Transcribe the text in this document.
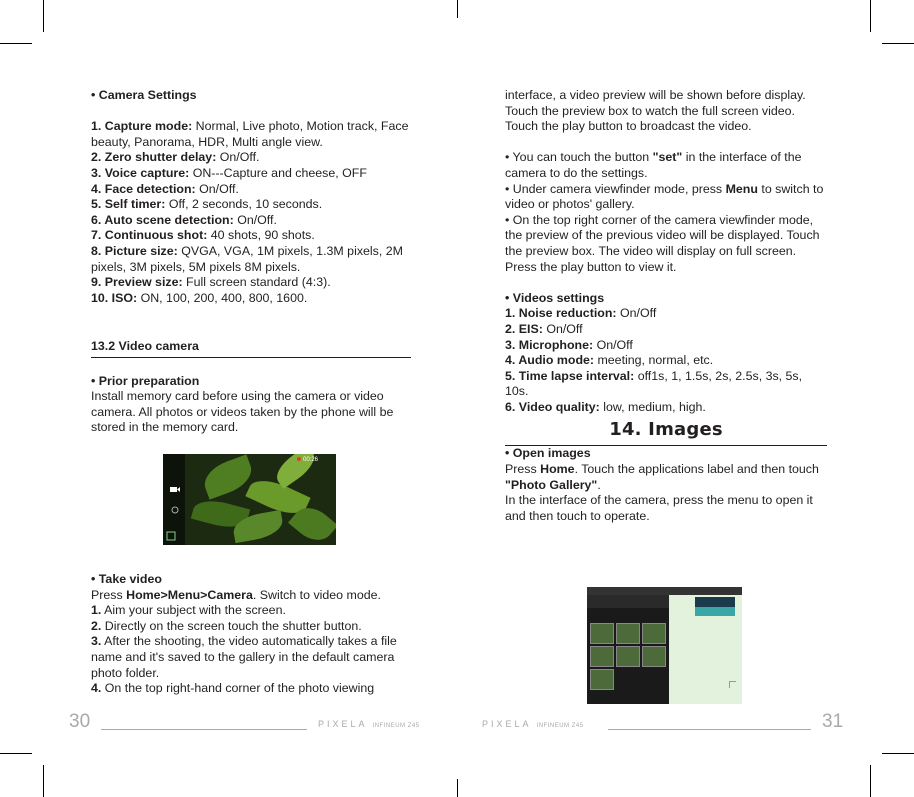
• Camera Settings

1. Capture mode: Normal, Live photo, Motion track, Face beauty, Panorama, HDR, Multi angle view.

2. Zero shutter delay: On/Off.

3. Voice capture: ON---Capture and cheese, OFF

4. Face detection: On/Off.

5. Self timer: Off, 2 seconds, 10 seconds.

6. Auto scene detection: On/Off.

7. Continuous shot: 40 shots, 90 shots.

8. Picture size: QVGA, VGA, 1M pixels, 1.3M pixels, 2M pixels, 3M pixels, 5M pixels 8M pixels.

9. Preview size: Full screen standard (4:3).

10. ISO: ON, 100, 200, 400, 800, 1600.

13.2 Video camera

• Prior preparation

Install memory card before using the camera or video camera. All photos or videos taken by the phone will be stored in the memory card.

00:26

• Take video

Press Home>Menu>Camera. Switch to video mode.

1. Aim your subject with the screen.

2. Directly on the screen touch the shutter button.

3. After the shooting, the video automatically takes a file name and it's saved to the gallery in the default camera photo folder.

4. On the top right-hand corner of the photo viewing

interface, a video preview will be shown before display. Touch the preview box to watch the full screen video. Touch the play button to broadcast the video.

• You can touch the button "set" in the interface of the camera to do the settings.

• Under camera viewfinder mode, press Menu to switch to video or photos' gallery.

• On the top right corner of the camera viewfinder mode, the preview of the previous video will be displayed. Touch the preview box. The video will display on full screen. Press the play button to view it.

• Videos settings

1. Noise reduction: On/Off

2. EIS: On/Off

3. Microphone: On/Off

4. Audio mode: meeting, normal, etc.

5. Time lapse interval: off1s, 1, 1.5s, 2s, 2.5s, 3s, 5s, 10s.

6. Video quality: low, medium, high.

14. Images

• Open images

Press Home. Touch the applications label and then touch "Photo Gallery".

In the interface of the camera, press the menu to open it and then touch to operate.

30	PIXELA INFINEUM Z45	PIXELA INFINEUM Z45	31
